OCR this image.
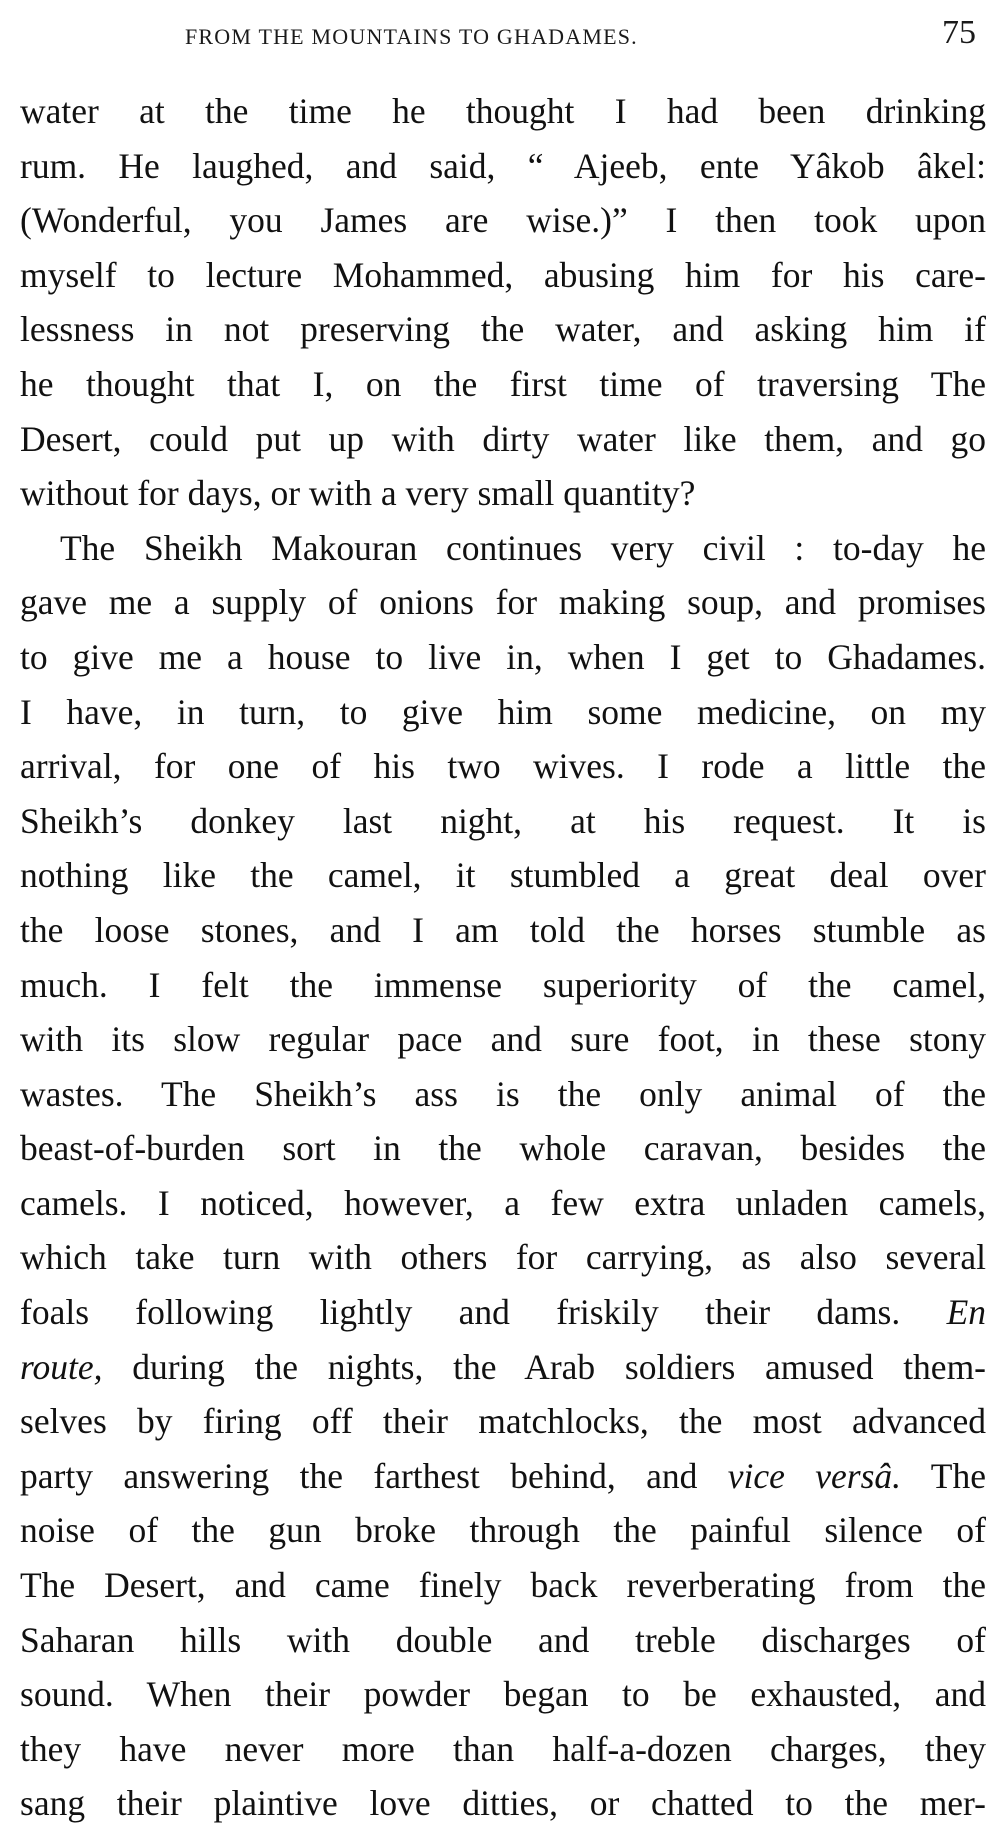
FROM THE MOUNTAINS TO GHADAMES.	75
water at the time he thought I had been drinking
rum. He laughed, and said, “ Ajeeb, ente Yâkob âkel:
(Wonderful, you James are wise.)” I then took upon
myself to lecture Mohammed, abusing him for his care-
lessness in not preserving the water, and asking him if
he thought that I, on the first time of traversing The
Desert, could put up with dirty water like them, and go
without for days, or with a very small quantity?
The Sheikh Makouran continues very civil : to-day he
gave me a supply of onions for making soup, and promises
to give me a house to live in, when I get to Ghadames.
I have, in turn, to give him some medicine, on my
arrival, for one of his two wives. I rode a little the
Sheikh’s donkey last night, at his request. It is
nothing like the camel, it stumbled a great deal over
the loose stones, and I am told the horses stumble as
much. I felt the immense superiority of the camel,
with its slow regular pace and sure foot, in these stony
wastes. The Sheikh’s ass is the only animal of the
beast-of-burden sort in the whole caravan, besides the
camels. I noticed, however, a few extra unladen camels,
which take turn with others for carrying, as also several
foals following lightly and friskily their dams. En
route, during the nights, the Arab soldiers amused them-
selves by firing off their matchlocks, the most advanced
party answering the farthest behind, and vice versâ. The
noise of the gun broke through the painful silence of
The Desert, and came finely back reverberating from the
Saharan hills with double and treble discharges of
sound. When their powder began to be exhausted, and
they have never more than half-a-dozen charges, they
sang their plaintive love ditties, or chatted to the mer-
